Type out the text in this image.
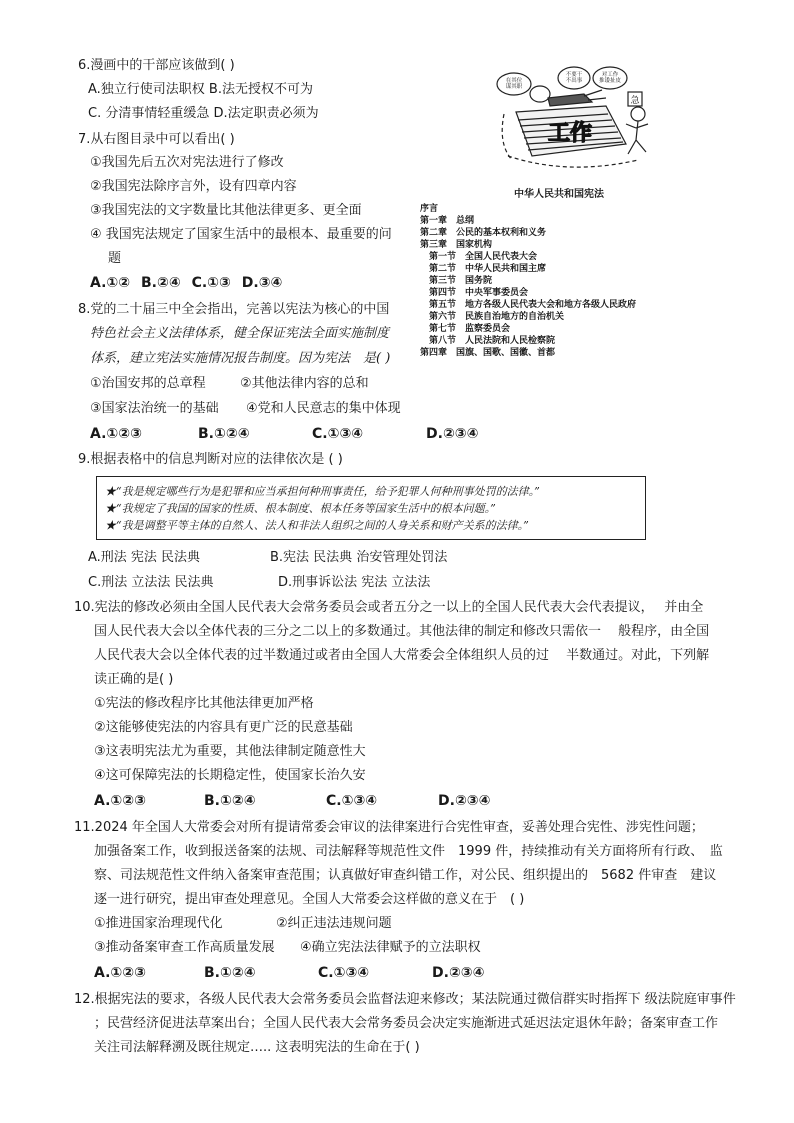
6.漫画中的干部应该做到( )
A.独立行使司法职权 B.法无授权不可为
C. 分清事情轻重缓急 D.法定职责必须为
在其位谋其职
不要干不出事
对工作推诿扯皮
工作
急
7.从右图目录中可以看出( )
①我国先后五次对宪法进行了修改
②我国宪法除序言外，设有四章内容
③我国宪法的文字数量比其他法律更多、更全面
④ 我国宪法规定了国家生活中的最根本、最重要的问
题
A.①② B.②④ C.①③ D.③④
中华人民共和国宪法
序言
第一章　总纲
第二章　公民的基本权利和义务
第三章　国家机构
　第一节　全国人民代表大会
　第二节　中华人民共和国主席
　第三节　国务院
　第四节　中央军事委员会
　第五节　地方各级人民代表大会和地方各级人民政府
　第六节　民族自治地方的自治机关
　第七节　监察委员会
　第八节　人民法院和人民检察院
第四章　国旗、国歌、国徽、首都
8.党的二十届三中全会指出，完善以宪法为核心的中国
特色社会主义法律体系，健全保证宪法全面实施制度
体系，建立宪法实施情况报告制度。因为宪法　是( )
①治国安邦的总章程	②其他法律内容的总和
③国家法治统一的基础 ④党和人民意志的集中体现
A.①②③	B.①②④	C.①③④	D.②③④
9.根据表格中的信息判断对应的法律依次是 ( )
★“我是规定哪些行为是犯罪和应当承担何种刑事责任，给予犯罪人何种刑事处罚的法律。”
★“我规定了我国的国家的性质、根本制度、根本任务等国家生活中的根本问题。”
★“我是调整平等主体的自然人、法人和非法人组织之间的人身关系和财产关系的法律。”
A.刑法 宪法 民法典	B.宪法 民法典 治安管理处罚法
C.刑法 立法法 民法典	D.刑事诉讼法 宪法 立法法
10.宪法的修改必须由全国人民代表大会常务委员会或者五分之一以上的全国人民代表大会代表提议，　 并由全
国人民代表大会以全体代表的三分之二以上的多数通过。其他法律的制定和修改只需依一　 般程序，由全国
人民代表大会以全体代表的过半数通过或者由全国人大常委会全体组织人员的过　 半数通过。对此，下列解
读正确的是( )
①宪法的修改程序比其他法律更加严格
②这能够使宪法的内容具有更广泛的民意基础
③这表明宪法尤为重要，其他法律制定随意性大
④这可保障宪法的长期稳定性，使国家长治久安
A.①②③	B.①②④	C.①③④	D.②③④
11.2024 年全国人大常委会对所有提请常委会审议的法律案进行合宪性审查，妥善处理合宪性、涉宪性问题；
加强备案工作，收到报送备案的法规、司法解释等规范性文件　1999 件，持续推动有关方面将所有行政、　监
察、司法规范性文件纳入备案审查范围；认真做好审查纠错工作，对公民、组织提出的　5682 件审查　建议
逐一进行研究，提出审查处理意见。全国人大常委会这样做的意义在于　( )
①推进国家治理现代化	②纠正违法违规问题
③推动备案审查工作高质量发展 ④确立宪法法律赋予的立法职权
A.①②③	B.①②④	C.①③④	D.②③④
12.根据宪法的要求，各级人民代表大会常务委员会监督法迎来修改；某法院通过微信群实时指挥下 级法院庭审事件
；民营经济促进法草案出台；全国人民代表大会常务委员会决定实施渐进式延迟法定退休年龄；备案审查工作
关注司法解释溯及既往规定….. 这表明宪法的生命在于( )
